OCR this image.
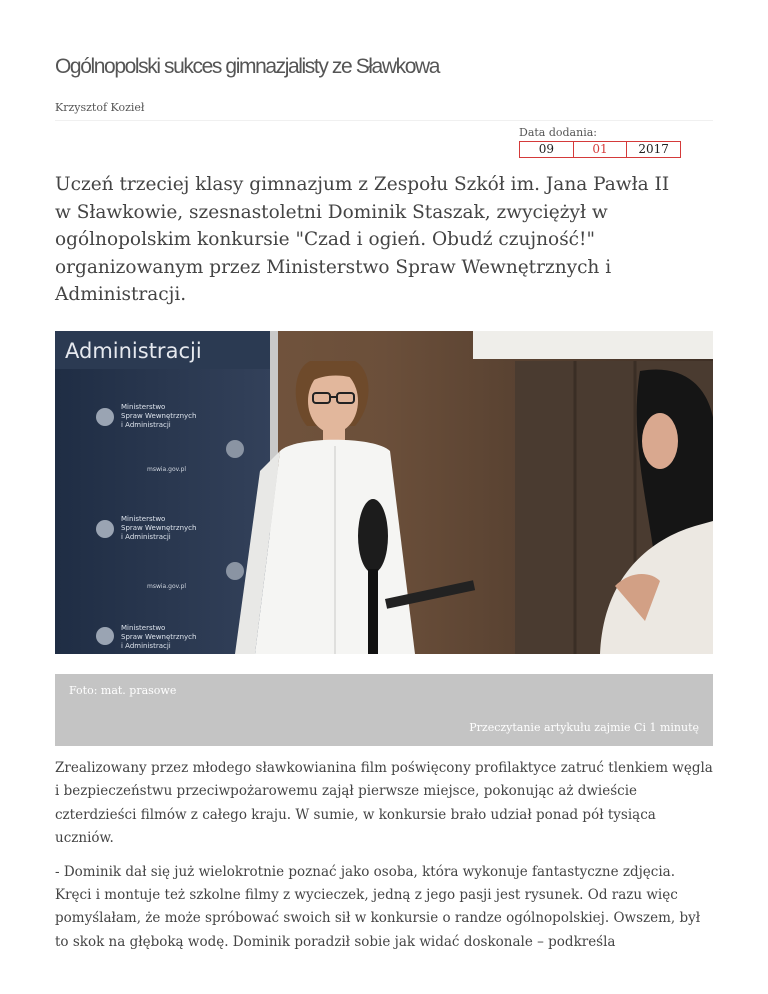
Ogólnopolski sukces gimnazjalisty ze Sławkowa
Krzysztof Kozieł
Data dodania:
09	01	2017
Uczeń trzeciej klasy gimnazjum z Zespołu Szkół im. Jana Pawła II w Sławkowie, szesnastoletni Dominik Staszak, zwyciężył w ogólnopolskim konkursie "Czad i ogień. Obudź czujność!" organizowanym przez Ministerstwo Spraw Wewnętrznych i Administracji.
Administracji
Ministerstwo
Spraw Wewnętrznych
i Administracji
mswia.gov.pl
Ministerstwo
Spraw Wewnętrznych
i Administracji
mswia.gov.pl
Ministerstwo
Spraw Wewnętrznych
i Administracji
Foto: mat. prasowe
Przeczytanie artykułu zajmie Ci 1 minutę

Zrealizowany przez młodego sławkowianina film poświęcony profilaktyce zatruć tlenkiem węgla i bezpieczeństwu przeciwpożarowemu zajął pierwsze miejsce, pokonując aż dwieście czterdzieści filmów z całego kraju. W sumie, w konkursie brało udział ponad pół tysiąca uczniów.

- Dominik dał się już wielokrotnie poznać jako osoba, która wykonuje fantastyczne zdjęcia. Kręci i montuje też szkolne filmy z wycieczek, jedną z jego pasji jest rysunek. Od razu więc pomyślałam, że może spróbować swoich sił w konkursie o randze ogólnopolskiej. Owszem, był to skok na głęboką wodę. Dominik poradził sobie jak widać doskonale – podkreśla
